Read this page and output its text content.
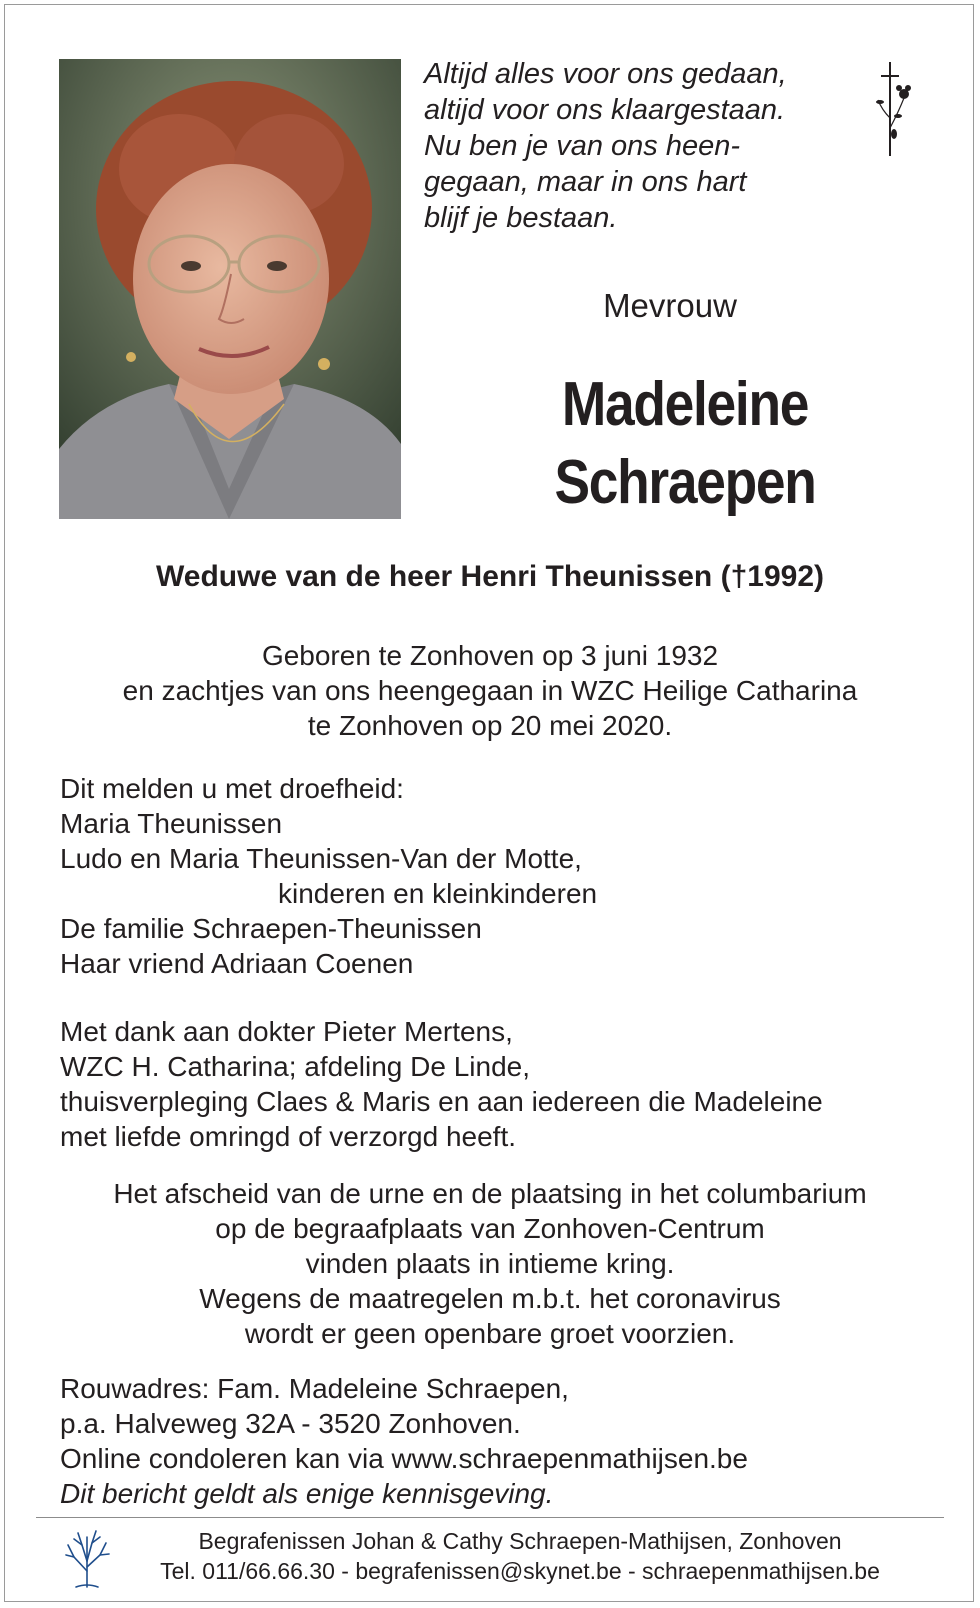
Altijd alles voor ons gedaan,
altijd voor ons klaargestaan.
Nu ben je van ons heen-
gegaan, maar in ons hart
blijf je bestaan.
Mevrouw
Madeleine
Schraepen
Weduwe van de heer Henri Theunissen (†1992)
Geboren te Zonhoven op 3 juni 1932
en zachtjes van ons heengegaan in WZC Heilige Catharina
te Zonhoven op 20 mei 2020.
Dit melden u met droefheid:
Maria Theunissen
Ludo en Maria Theunissen-Van der Motte,
kinderen en kleinkinderen
De familie Schraepen-Theunissen
Haar vriend Adriaan Coenen
Met dank aan dokter Pieter Mertens,
WZC H. Catharina; afdeling De Linde,
thuisverpleging Claes & Maris en aan iedereen die Madeleine
met liefde omringd of verzorgd heeft.
Het afscheid van de urne en de plaatsing in het columbarium
op de begraafplaats van Zonhoven-Centrum
vinden plaats in intieme kring.
Wegens de maatregelen m.b.t. het coronavirus
wordt er geen openbare groet voorzien.
Rouwadres: Fam. Madeleine Schraepen,
p.a. Halveweg 32A - 3520 Zonhoven.
Online condoleren kan via www.schraepenmathijsen.be
Dit bericht geldt als enige kennisgeving.
Begrafenissen Johan & Cathy Schraepen-Mathijsen, Zonhoven
Tel. 011/66.66.30 - begrafenissen@skynet.be - schraepenmathijsen.be
